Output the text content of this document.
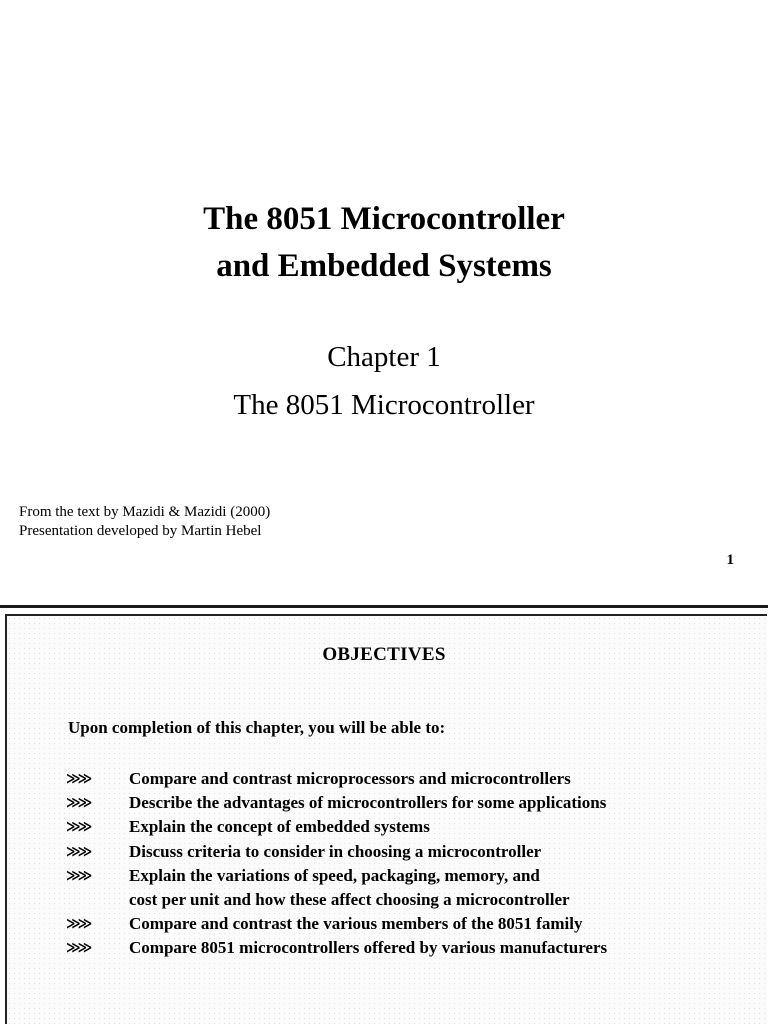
The 8051 Microcontroller
and Embedded Systems
Chapter 1
The 8051 Microcontroller
From the text by Mazidi & Mazidi (2000)
Presentation developed by Martin Hebel
1
OBJECTIVES
Upon completion of this chapter, you will be able to:
≫≫ Compare and contrast microprocessors and microcontrollers
≫≫ Describe the advantages of microcontrollers for some applications
≫≫ Explain the concept of embedded systems
≫≫ Discuss criteria to consider in choosing a microcontroller
≫≫ Explain the variations of speed, packaging, memory, and
cost per unit and how these affect choosing a microcontroller
≫≫ Compare and contrast the various members of the 8051 family
≫≫ Compare 8051 microcontrollers offered by various manufacturers
